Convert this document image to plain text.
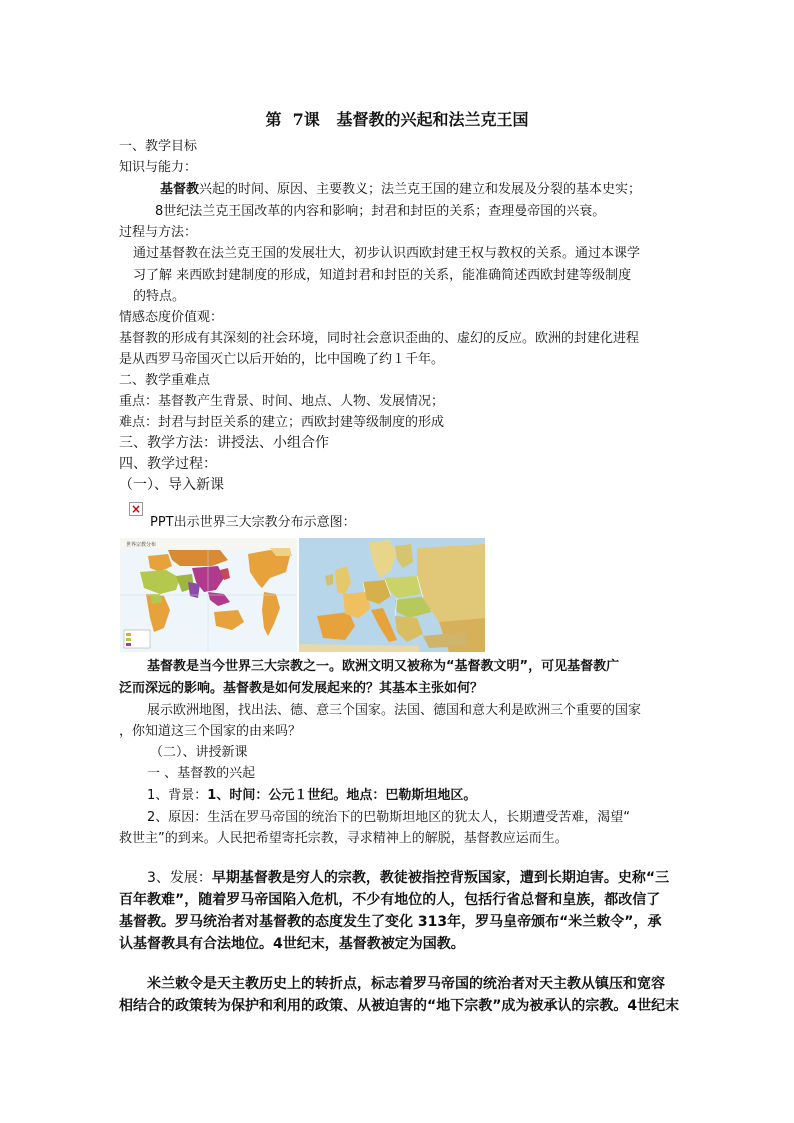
第  7课   基督教的兴起和法兰克王国
一、教学目标
知识与能力：
基督教兴起的时间、原因、主要教义；法兰克王国的建立和发展及分裂的基本史实；
8世纪法兰克王国改革的内容和影响；封君和封臣的关系；查理曼帝国的兴衰。
过程与方法：
通过基督教在法兰克王国的发展壮大，初步认识西欧封建王权与教权的关系。通过本课学
习了解 来西欧封建制度的形成，知道封君和封臣的关系，能准确简述西欧封建等级制度
的特点。
情感态度价值观：
基督教的形成有其深刻的社会环境，同时社会意识歪曲的、虚幻的反应。欧洲的封建化进程
是从西罗马帝国灭亡以后开始的，比中国晚了约１千年。
二、教学重难点
重点：基督教产生背景、时间、地点、人物、发展情况；
难点：封君与封臣关系的建立；西欧封建等级制度的形成
三、教学方法：讲授法、小组合作
四、教学过程：
（一）、导入新课
×
PPT出示世界三大宗教分布示意图：
世界宗教分布
基督教是当今世界三大宗教之一。欧洲文明又被称为“基督教文明”，可见基督教广
泛而深远的影响。基督教是如何发展起来的？其基本主张如何？
展示欧洲地图，找出法、德、意三个国家。法国、德国和意大利是欧洲三个重要的国家
，你知道这三个国家的由来吗？
（二）、讲授新课
一 、基督教的兴起
1、背景：1、时间：公元１世纪。地点：巴勒斯坦地区。
2、原因：生活在罗马帝国的统治下的巴勒斯坦地区的犹太人，长期遭受苦难，渴望“
救世主”的到来。人民把希望寄托宗教，寻求精神上的解脱，基督教应运而生。
3、发展：早期基督教是穷人的宗教，教徒被指控背叛国家，遭到长期迫害。史称“三
百年教难”，随着罗马帝国陷入危机，不少有地位的人，包括行省总督和皇族，都改信了
基督教。罗马统治者对基督教的态度发生了变化 313年，罗马皇帝颁布“米兰敕令”，承
认基督教具有合法地位。4世纪末，基督教被定为国教。
米兰敕令是天主教历史上的转折点，标志着罗马帝国的统治者对天主教从镇压和宽容
相结合的政策转为保护和利用的政策、从被迫害的“地下宗教”成为被承认的宗教。4世纪末
